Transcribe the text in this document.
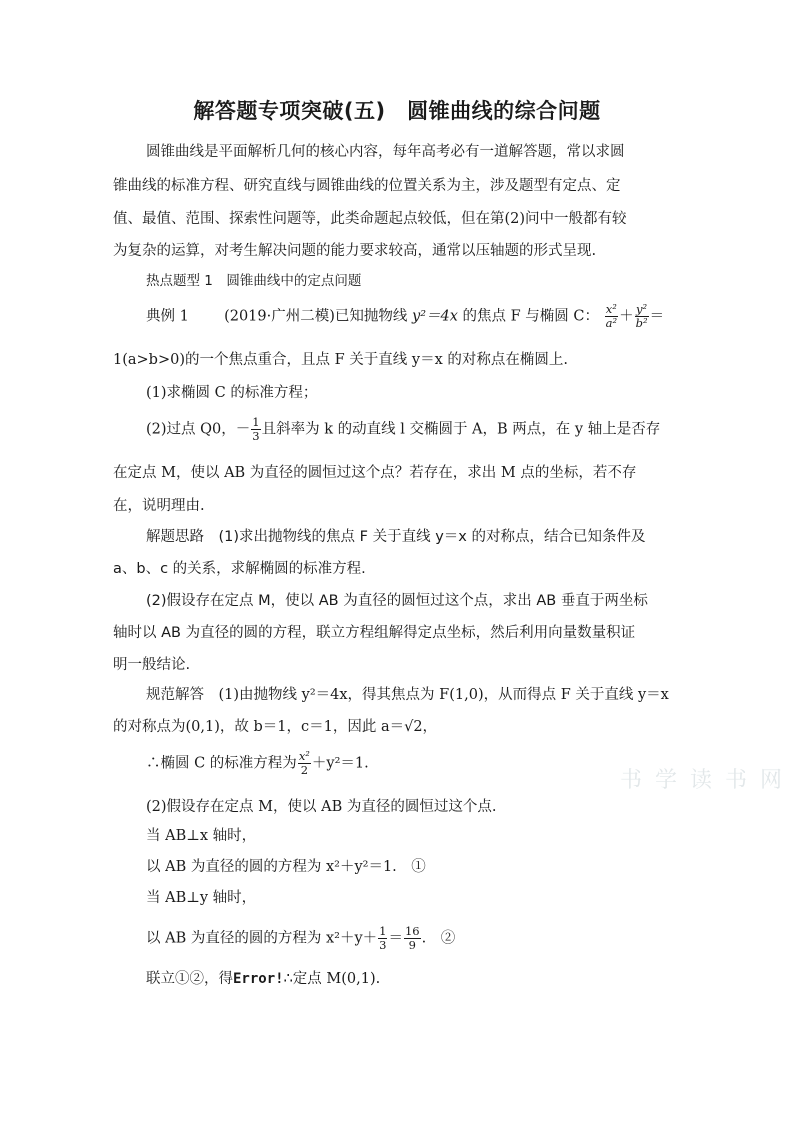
解答题专项突破(五)　圆锥曲线的综合问题
圆锥曲线是平面解析几何的核心内容，每年高考必有一道解答题，常以求圆
锥曲线的标准方程、研究直线与圆锥曲线的位置关系为主，涉及题型有定点、定
值、最值、范围、探索性问题等，此类命题起点较低，但在第(2)问中一般都有较
为复杂的运算，对考生解决问题的能力要求较高，通常以压轴题的形式呈现.
热点题型 1　圆锥曲线中的定点问题
典例 1 (2019·广州二模)已知抛物线 y²＝4x 的焦点 F 与椭圆 C： $\frac{\text{x²}}{\text{a²}} + \frac{\text{y²}}{\text{b²}}$ ＝
1(a>b>0)的一个焦点重合，且点 F 关于直线 y＝x 的对称点在椭圆上.
(1)求椭圆 C 的标准方程；
(2)过点 Q0，－ $\frac{1}{3}$ 且斜率为 k 的动直线 l 交椭圆于 A，B 两点，在 y 轴上是否存
在定点 M，使以 AB 为直径的圆恒过这个点？若存在，求出 M 点的坐标，若不存
在，说明理由.
解题思路　 (1)求出抛物线的焦点 F 关于直线 y＝x 的对称点，结合已知条件及
a、b、c 的关系，求解椭圆的标准方程.
(2)假设存在定点 M，使以 AB 为直径的圆恒过这个点，求出 AB 垂直于两坐标
轴时以 AB 为直径的圆的方程，联立方程组解得定点坐标，然后利用向量数量积证
明一般结论.
规范解答　 (1)由抛物线 y²＝4x，得其焦点为 F(1,0)，从而得点 F 关于直线 y＝x
的对称点为(0,1)，故 b＝1，c＝1，因此 a＝√2，
∴椭圆 C 的标准方程为 $\frac{\text{x²}}{2} +y^2=1$.
(2)假设存在定点 M，使以 AB 为直径的圆恒过这个点.
当 AB⊥x 轴时，
以 AB 为直径的圆的方程为 x²＋y²＝1.　①
当 AB⊥y 轴时，
以 AB 为直径的圆的方程为 $x^2+y+ \frac{1}{3} = \frac{16}{9}$ .　②
联立①②，得Error!∴定点 M(0,1).
书 学 读 书 网
